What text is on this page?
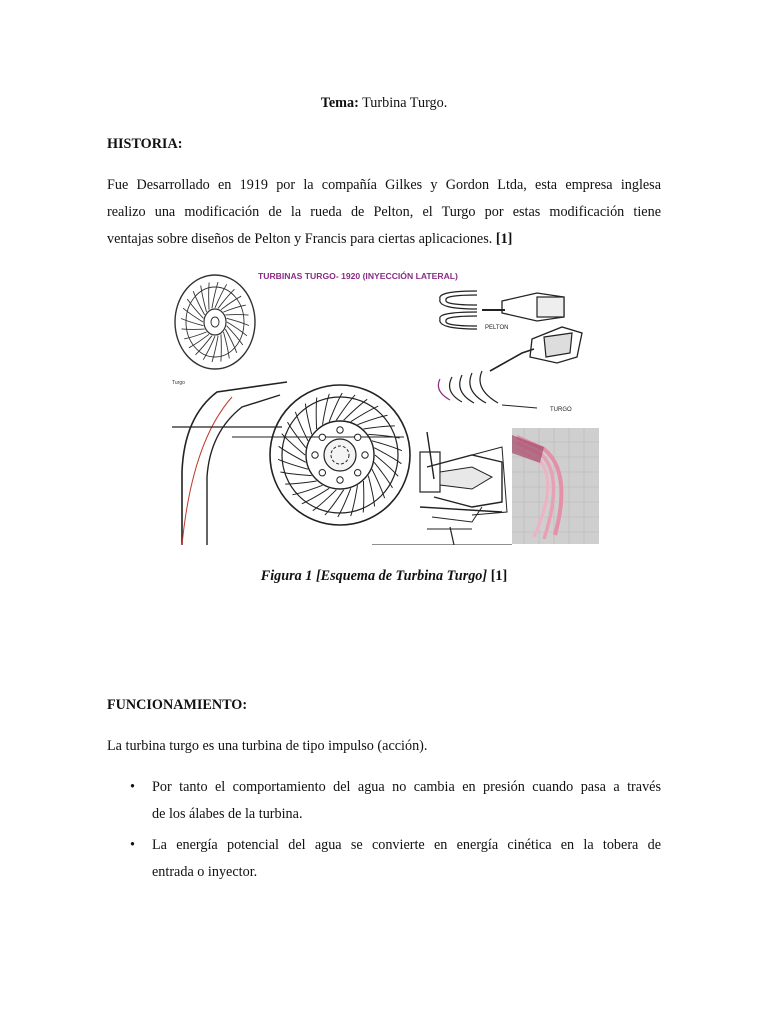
Tema: Turbina Turgo.

HISTORIA:

Fue Desarrollado en 1919 por la compañía Gilkes y Gordon Ltda, esta empresa inglesa
realizo una modificación de la rueda de Pelton, el Turgo por estas modificación tiene
ventajas sobre diseños de Pelton y Francis para ciertas aplicaciones. [1]
TURBINAS TURGO- 1920 (INYECCIÓN LATERAL)
Turgo
PELTON
TURGO

Figura 1 [Esquema de Turbina Turgo] [1]

FUNCIONAMIENTO:

La turbina turgo es una turbina de tipo impulso (acción).

• Por tanto el comportamiento del agua no cambia en presión cuando pasa a través
de los álabes de la turbina.
• La energía potencial del agua se convierte en energía cinética en la tobera de
entrada o inyector.
